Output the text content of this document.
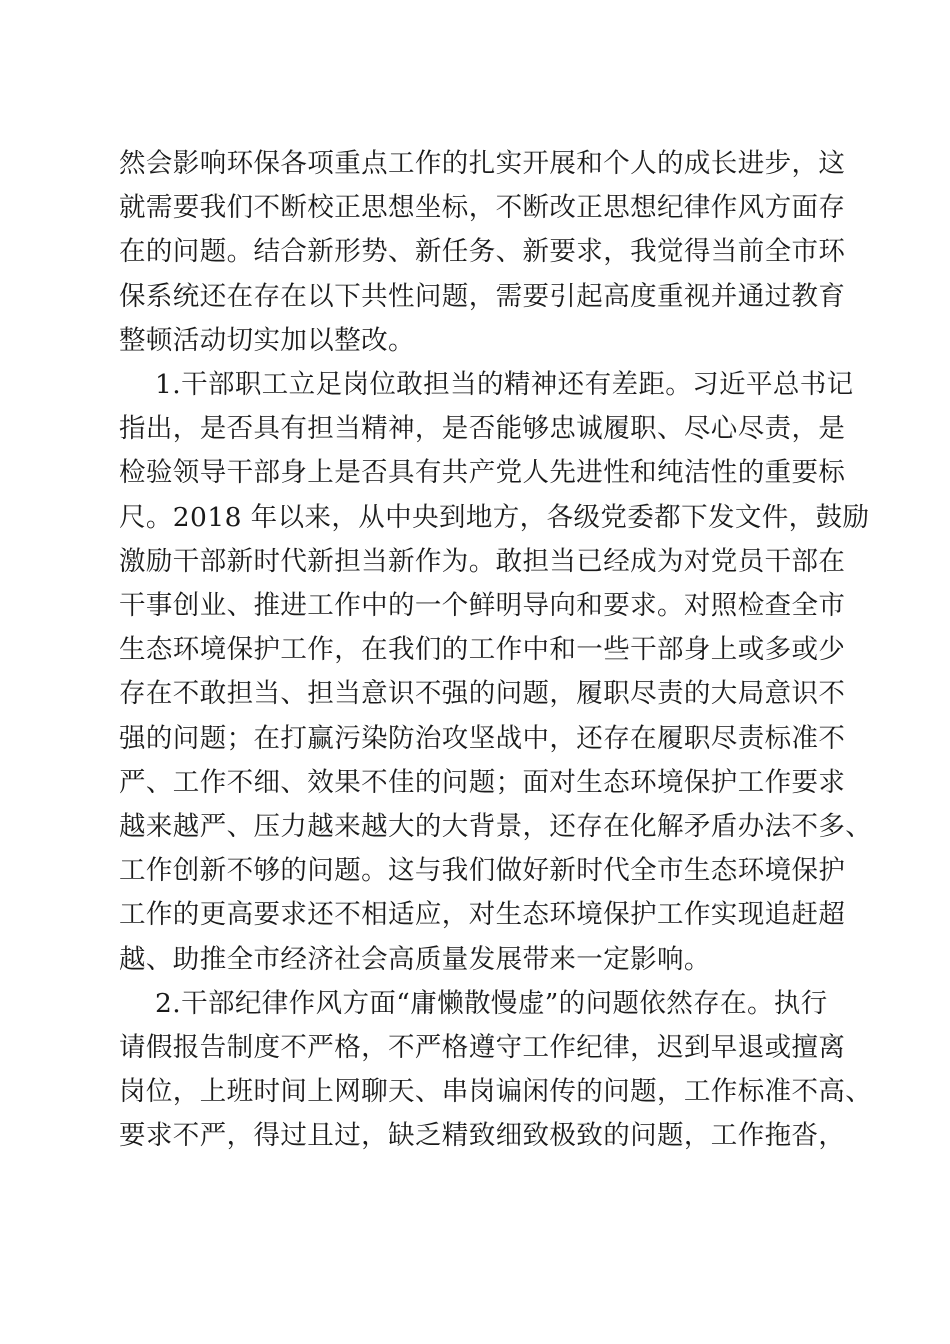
然会影响环保各项重点工作的扎实开展和个人的成长进步，这
就需要我们不断校正思想坐标，不断改正思想纪律作风方面存
在的问题。结合新形势、新任务、新要求，我觉得当前全市环
保系统还在存在以下共性问题，需要引起高度重视并通过教育
整顿活动切实加以整改。

1.干部职工立足岗位敢担当的精神还有差距。习近平总书记
指出，是否具有担当精神，是否能够忠诚履职、尽心尽责，是
检验领导干部身上是否具有共产党人先进性和纯洁性的重要标
尺。2018 年以来，从中央到地方，各级党委都下发文件，鼓励
激励干部新时代新担当新作为。敢担当已经成为对党员干部在
干事创业、推进工作中的一个鲜明导向和要求。对照检查全市
生态环境保护工作，在我们的工作中和一些干部身上或多或少
存在不敢担当、担当意识不强的问题，履职尽责的大局意识不
强的问题；在打赢污染防治攻坚战中，还存在履职尽责标准不
严、工作不细、效果不佳的问题；面对生态环境保护工作要求
越来越严、压力越来越大的大背景，还存在化解矛盾办法不多、
工作创新不够的问题。这与我们做好新时代全市生态环境保护
工作的更高要求还不相适应，对生态环境保护工作实现追赶超
越、助推全市经济社会高质量发展带来一定影响。

2.干部纪律作风方面“庸懒散慢虚”的问题依然存在。执行
请假报告制度不严格，不严格遵守工作纪律，迟到早退或擅离
岗位，上班时间上网聊天、串岗谝闲传的问题，工作标准不高、
要求不严，得过且过，缺乏精致细致极致的问题，工作拖沓，
